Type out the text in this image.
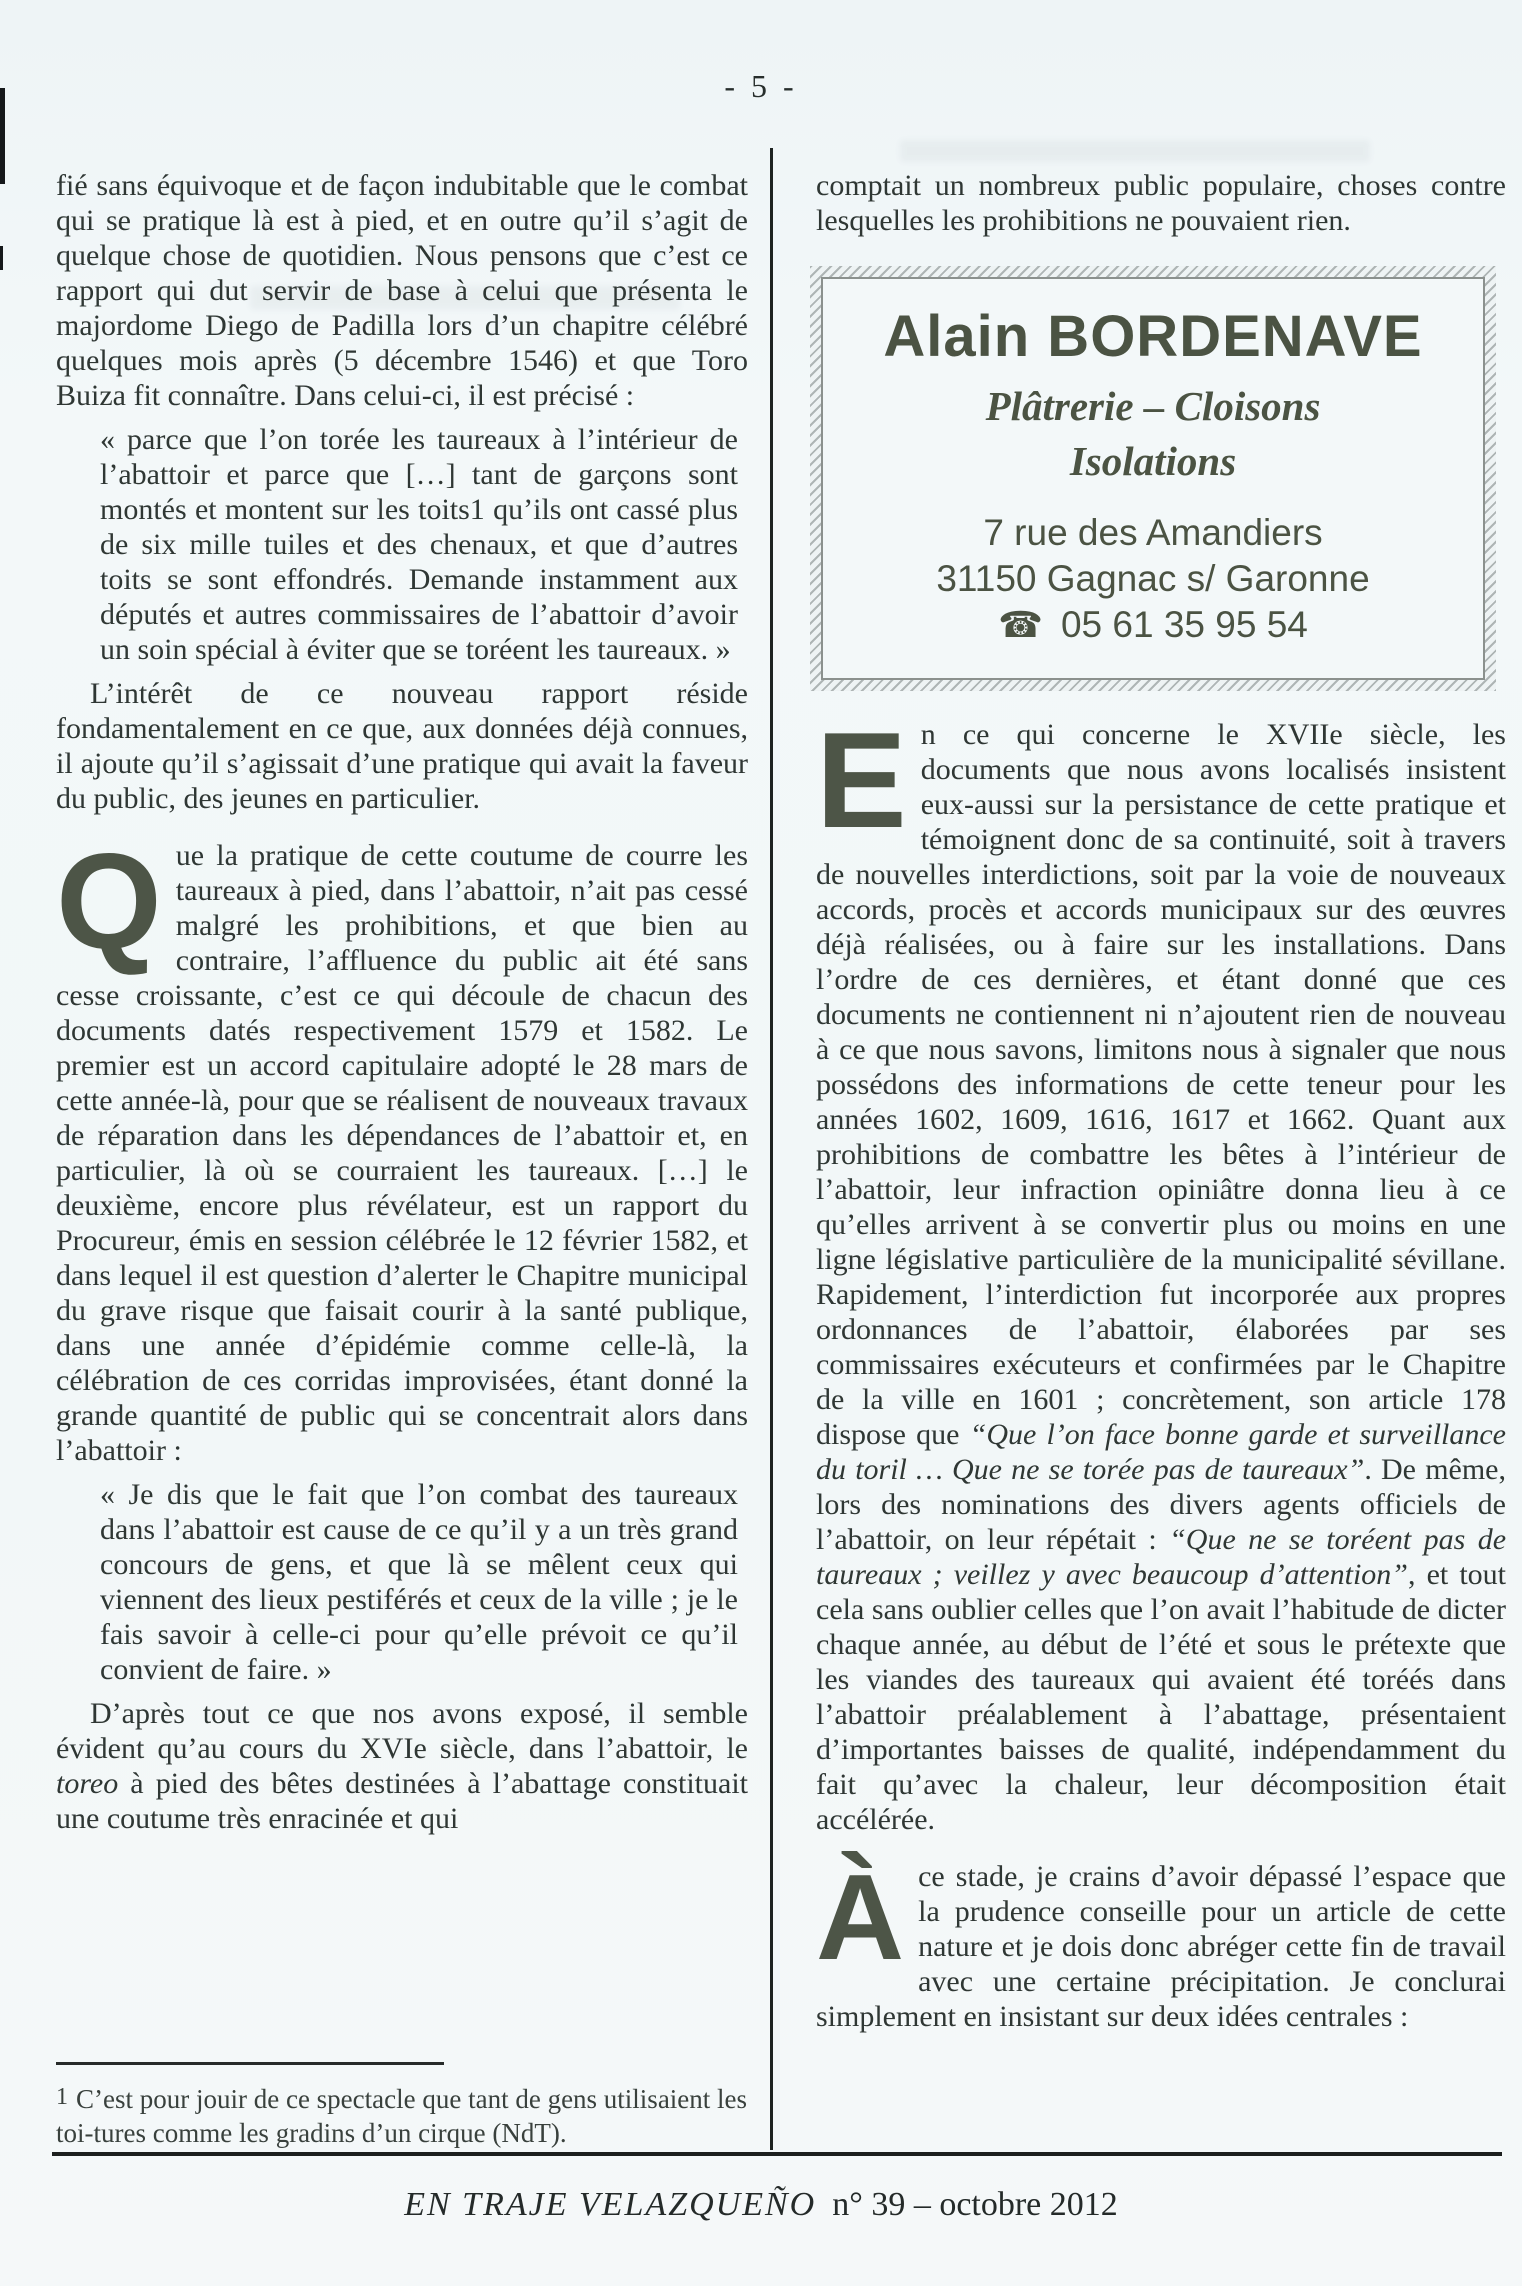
- 5 -

fié sans équivoque et de façon indubitable que le combat qui se pratique là est à pied, et en outre qu’il s’agit de quelque chose de quotidien. Nous pensons que c’est ce rapport qui dut servir de base à celui que présenta le majordome Diego de Padilla lors d’un chapitre célébré quelques mois après (5 décembre 1546) et que Toro Buiza fit connaître. Dans celui-ci, il est précisé :

« parce que l’on torée les taureaux à l’intérieur de l’abattoir et parce que […] tant de garçons sont montés et montent sur les toits1 qu’ils ont cassé plus de six mille tuiles et des chenaux, et que d’autres toits se sont effondrés. Demande instamment aux députés et autres commissaires de l’abattoir d’avoir un soin spécial à éviter que se toréent les taureaux. »

L’intérêt de ce nouveau rapport réside fondamentalement en ce que, aux données déjà connues, il ajoute qu’il s’agissait d’une pratique qui avait la faveur du public, des jeunes en particulier.

Que la pratique de cette coutume de courre les taureaux à pied, dans l’abattoir, n’ait pas cessé malgré les prohibitions, et que bien au contraire, l’affluence du public ait été sans cesse croissante, c’est ce qui découle de chacun des documents datés respectivement 1579 et 1582. Le premier est un accord capitulaire adopté le 28 mars de cette année-là, pour que se réalisent de nouveaux travaux de réparation dans les dépendances de l’abattoir et, en particulier, là où se courraient les taureaux. […] le deuxième, encore plus révélateur, est un rapport du Procureur, émis en session célébrée le 12 février 1582, et dans lequel il est question d’alerter le Chapitre municipal du grave risque que faisait courir à la santé publique, dans une année d’épidémie comme celle-là, la célébration de ces corridas improvisées, étant donné la grande quantité de public qui se concentrait alors dans l’abattoir :

« Je dis que le fait que l’on combat des taureaux dans l’abattoir est cause de ce qu’il y a un très grand concours de gens, et que là se mêlent ceux qui viennent des lieux pestiférés et ceux de la ville ; je le fais savoir à celle-ci pour qu’elle prévoit ce qu’il convient de faire. »

D’après tout ce que nos avons exposé, il semble évident qu’au cours du XVIe siècle, dans l’abattoir, le toreo à pied des bêtes destinées à l’abattage constituait une coutume très enracinée et qui

comptait un nombreux public populaire, choses contre lesquelles les prohibitions ne pouvaient rien.

Alain BORDENAVE
Plâtrerie – Cloisons
Isolations
7 rue des Amandiers
31150 Gagnac s/ Garonne
☎ 05 61 35 95 54

En ce qui concerne le XVIIe siècle, les documents que nous avons localisés insistent eux-aussi sur la persistance de cette pratique et témoignent donc de sa continuité, soit à travers de nouvelles interdictions, soit par la voie de nouveaux accords, procès et accords municipaux sur des œuvres déjà réalisées, ou à faire sur les installations. Dans l’ordre de ces dernières, et étant donné que ces documents ne contiennent ni n’ajoutent rien de nouveau à ce que nous savons, limitons nous à signaler que nous possédons des informations de cette teneur pour les années 1602, 1609, 1616, 1617 et 1662. Quant aux prohibitions de combattre les bêtes à l’intérieur de l’abattoir, leur infraction opiniâtre donna lieu à ce qu’elles arrivent à se convertir plus ou moins en une ligne législative particulière de la municipalité sévillane. Rapidement, l’interdiction fut incorporée aux propres ordonnances de l’abattoir, élaborées par ses commissaires exécuteurs et confirmées par le Chapitre de la ville en 1601 ; concrètement, son article 178 dispose que “Que l’on face bonne garde et surveillance du toril … Que ne se torée pas de taureaux”. De même, lors des nominations des divers agents officiels de l’abattoir, on leur répétait : “Que ne se toréent pas de taureaux ; veillez y avec beaucoup d’attention”, et tout cela sans oublier celles que l’on avait l’habitude de dicter chaque année, au début de l’été et sous le prétexte que les viandes des taureaux qui avaient été toréés dans l’abattoir préalablement à l’abattage, présentaient d’importantes baisses de qualité, indépendamment du fait qu’avec la chaleur, leur décomposition était accélérée.

Àce stade, je crains d’avoir dépassé l’espace que la prudence conseille pour un article de cette nature et je dois donc abréger cette fin de travail avec une certaine précipitation. Je conclurai simplement en insistant sur deux idées centrales :

1 C’est pour jouir de ce spectacle que tant de gens utilisaient les
toi-tures comme les gradins d’un cirque (NdT).
EN TRAJE VELAZQUEÑO n° 39 – octobre 2012
